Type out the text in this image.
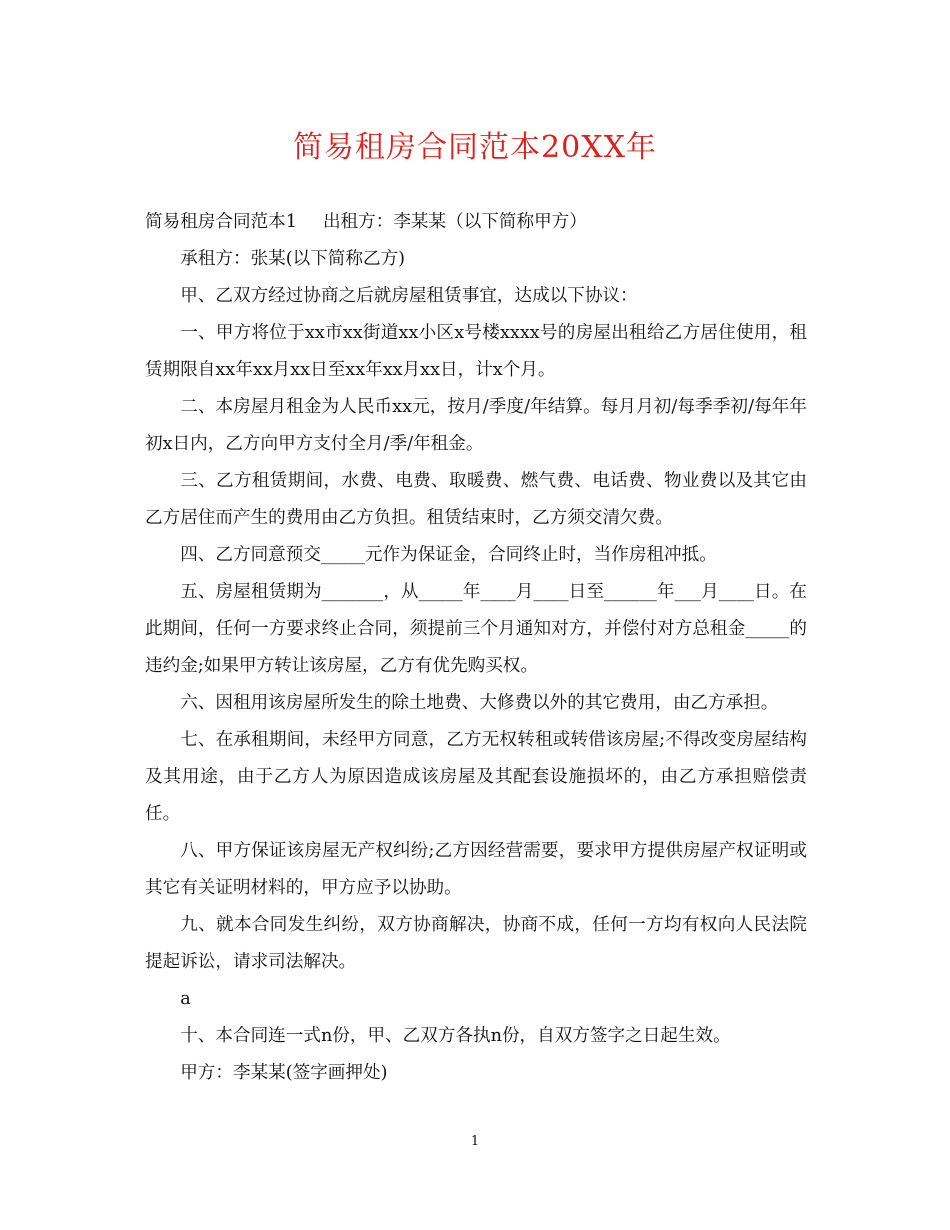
简易租房合同范本20XX年

简易租房合同范本1 出租方：李某某（以下简称甲方）

承租方：张某(以下简称乙方)

甲、乙双方经过协商之后就房屋租赁事宜，达成以下协议：

一、甲方将位于xx市xx街道xx小区x号楼xxxx号的房屋出租给乙方居住使用，租赁期限自xx年xx月xx日至xx年xx月xx日，计x个月。

二、本房屋月租金为人民币xx元，按月/季度/年结算。每月月初/每季季初/每年年初x日内，乙方向甲方支付全月/季/年租金。

三、乙方租赁期间，水费、电费、取暖费、燃气费、电话费、物业费以及其它由乙方居住而产生的费用由乙方负担。租赁结束时，乙方须交清欠费。

四、乙方同意预交_____元作为保证金，合同终止时，当作房租冲抵。

五、房屋租赁期为_______，从_____年____月____日至______年___月____日。在此期间，任何一方要求终止合同，须提前三个月通知对方，并偿付对方总租金_____的违约金;如果甲方转让该房屋，乙方有优先购买权。

六、因租用该房屋所发生的除土地费、大修费以外的其它费用，由乙方承担。

七、在承租期间，未经甲方同意，乙方无权转租或转借该房屋;不得改变房屋结构及其用途，由于乙方人为原因造成该房屋及其配套设施损坏的，由乙方承担赔偿责任。

八、甲方保证该房屋无产权纠纷;乙方因经营需要，要求甲方提供房屋产权证明或其它有关证明材料的，甲方应予以协助。

九、就本合同发生纠纷，双方协商解决，协商不成，任何一方均有权向人民法院提起诉讼，请求司法解决。

a

十、本合同连一式n份，甲、乙双方各执n份，自双方签字之日起生效。

甲方：李某某(签字画押处)

1
